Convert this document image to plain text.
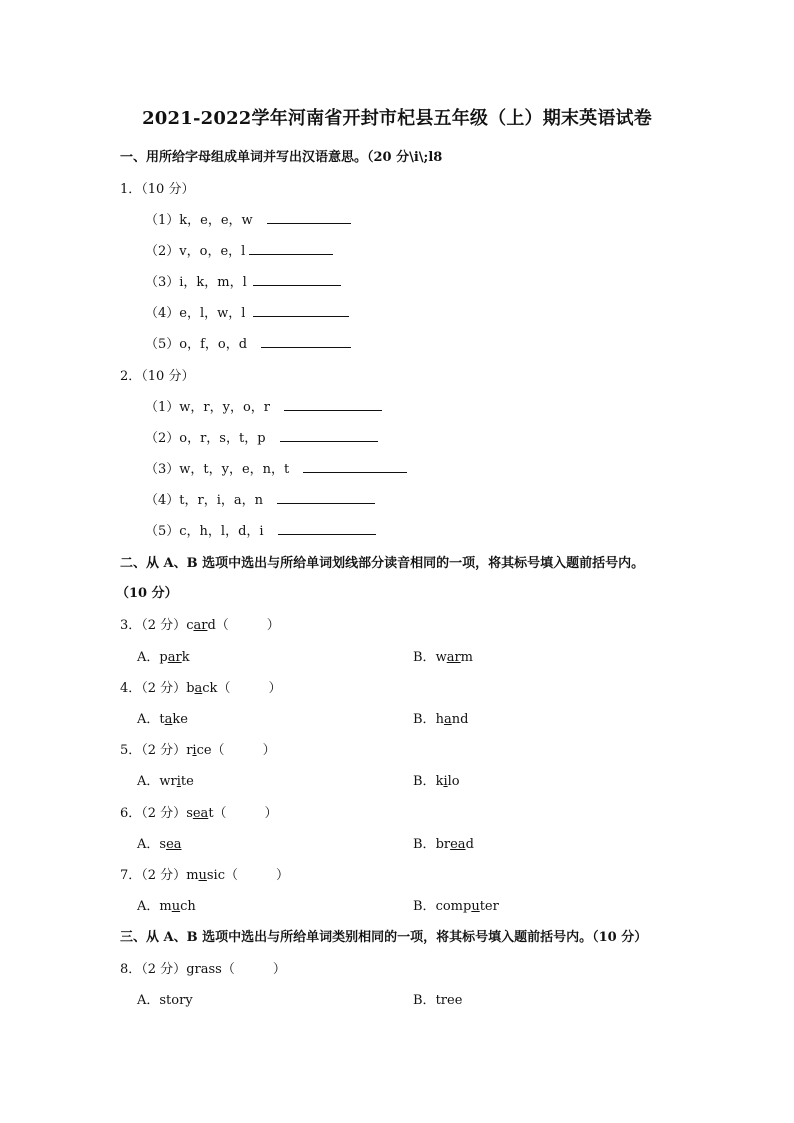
2021-2022学年河南省开封市杞县五年级（上）期末英语试卷
一、用所给字母组成单词并写出汉语意思。（20 分\i\;l8
1．（10 分）
（1）k，e，e，w
（2）v，o，e，l
（3）i，k，m，l
（4）e，l，w，l
（5）o，f，o，d
2．（10 分）
（1）w，r，y，o，r
（2）o，r，s，t，p
（3）w，t，y，e，n，t
（4）t，r，i，a，n
（5）c，h，l，d，i
二、从 A、B 选项中选出与所给单词划线部分读音相同的一项，将其标号填入题前括号内。
（10 分）
3．（2 分）card（	）
A．park	B．warm
4．（2 分）back（	）
A．take	B．hand
5．（2 分）rice（	）
A．write	B．kilo
6．（2 分）seat（	）
A．sea	B．bread
7．（2 分）music（	）
A．much	B．computer
三、从 A、B 选项中选出与所给单词类别相同的一项，将其标号填入题前括号内。（10 分）
8．（2 分）grass（	）
A．story	B．tree
